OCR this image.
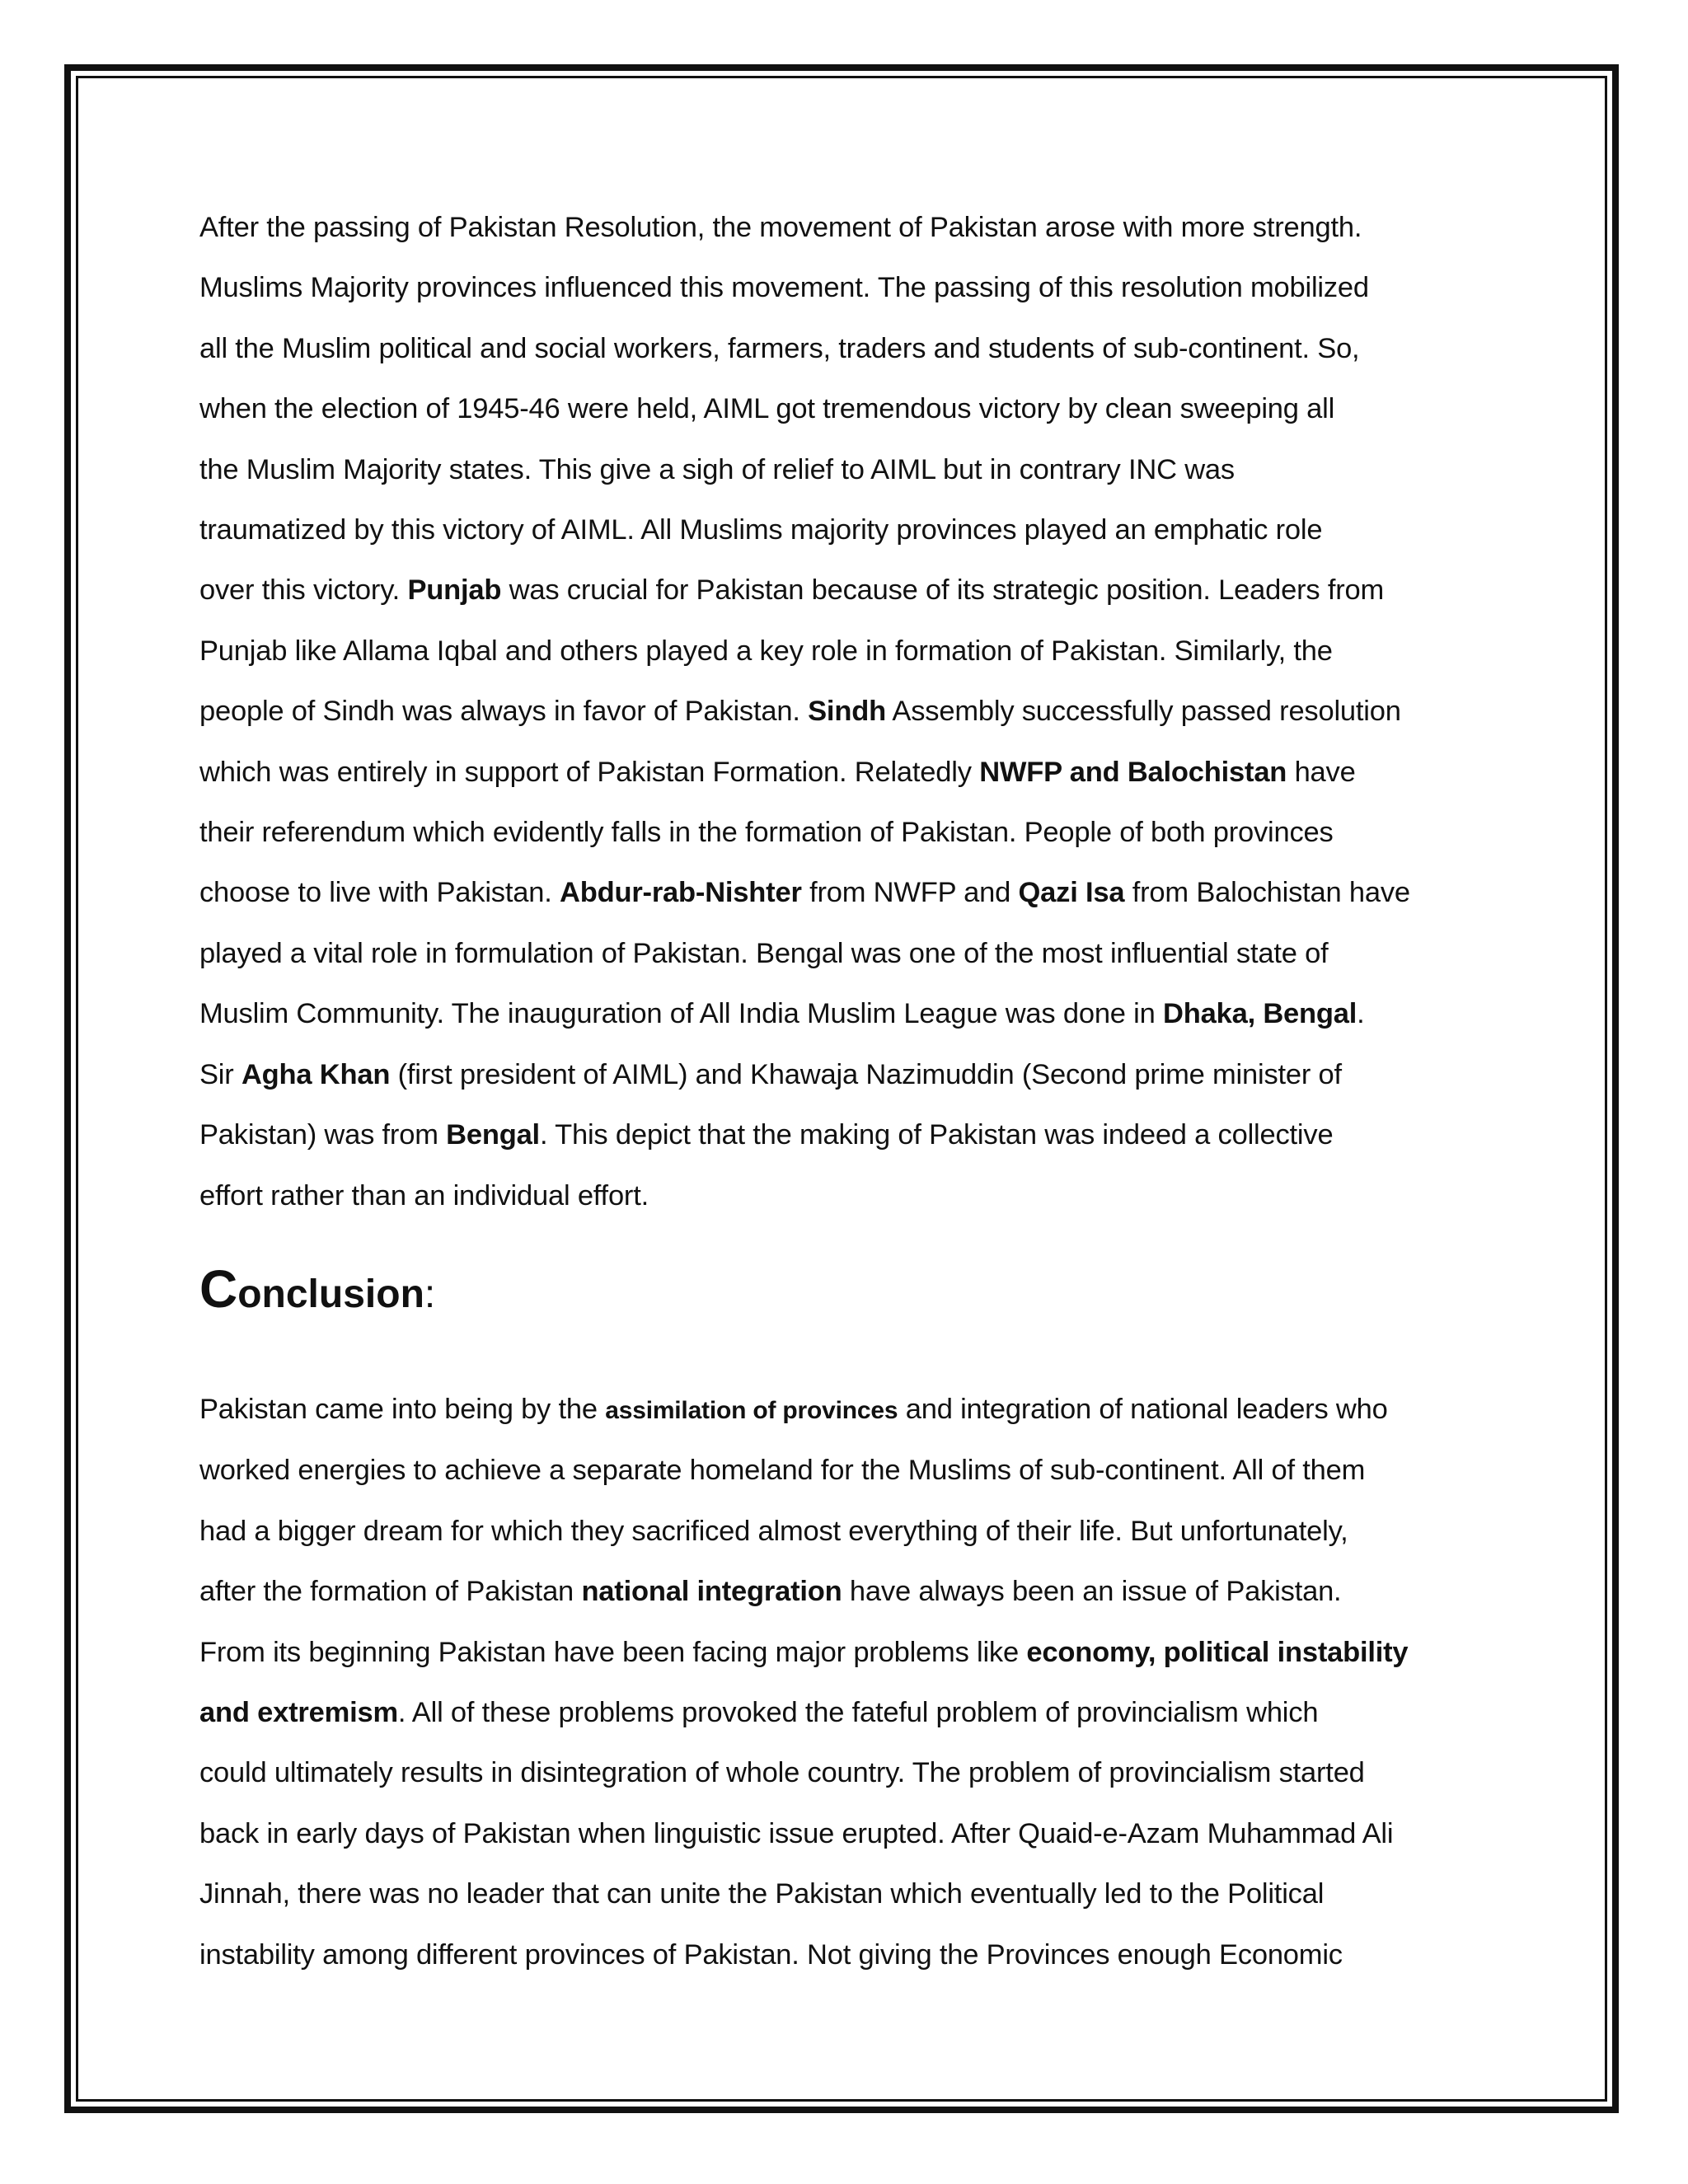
After the passing of Pakistan Resolution, the movement of Pakistan arose with more strength.
Muslims Majority provinces influenced this movement. The passing of this resolution mobilized
all the Muslim political and social workers, farmers, traders and students of sub-continent. So,
when the election of 1945-46 were held, AIML got tremendous victory by clean sweeping all
the Muslim Majority states. This give a sigh of relief to AIML but in contrary INC was
traumatized by this victory of AIML. All Muslims majority provinces played an emphatic role
over this victory. Punjab was crucial for Pakistan because of its strategic position. Leaders from
Punjab like Allama Iqbal and others played a key role in formation of Pakistan. Similarly, the
people of Sindh was always in favor of Pakistan. Sindh Assembly successfully passed resolution
which was entirely in support of Pakistan Formation. Relatedly NWFP and Balochistan have
their referendum which evidently falls in the formation of Pakistan. People of both provinces
choose to live with Pakistan. Abdur-rab-Nishter from NWFP and Qazi Isa from Balochistan have
played a vital role in formulation of Pakistan. Bengal was one of the most influential state of
Muslim Community. The inauguration of All India Muslim League was done in Dhaka, Bengal.
Sir Agha Khan (first president of AIML) and Khawaja Nazimuddin (Second prime minister of
Pakistan) was from Bengal. This depict that the making of Pakistan was indeed a collective
effort rather than an individual effort.

Conclusion:

Pakistan came into being by the assimilation of provinces and integration of national leaders who
worked energies to achieve a separate homeland for the Muslims of sub-continent. All of them
had a bigger dream for which they sacrificed almost everything of their life. But unfortunately,
after the formation of Pakistan national integration have always been an issue of Pakistan.
From its beginning Pakistan have been facing major problems like economy, political instability
and extremism. All of these problems provoked the fateful problem of provincialism which
could ultimately results in disintegration of whole country. The problem of provincialism started
back in early days of Pakistan when linguistic issue erupted. After Quaid-e-Azam Muhammad Ali
Jinnah, there was no leader that can unite the Pakistan which eventually led to the Political
instability among different provinces of Pakistan. Not giving the Provinces enough Economic
